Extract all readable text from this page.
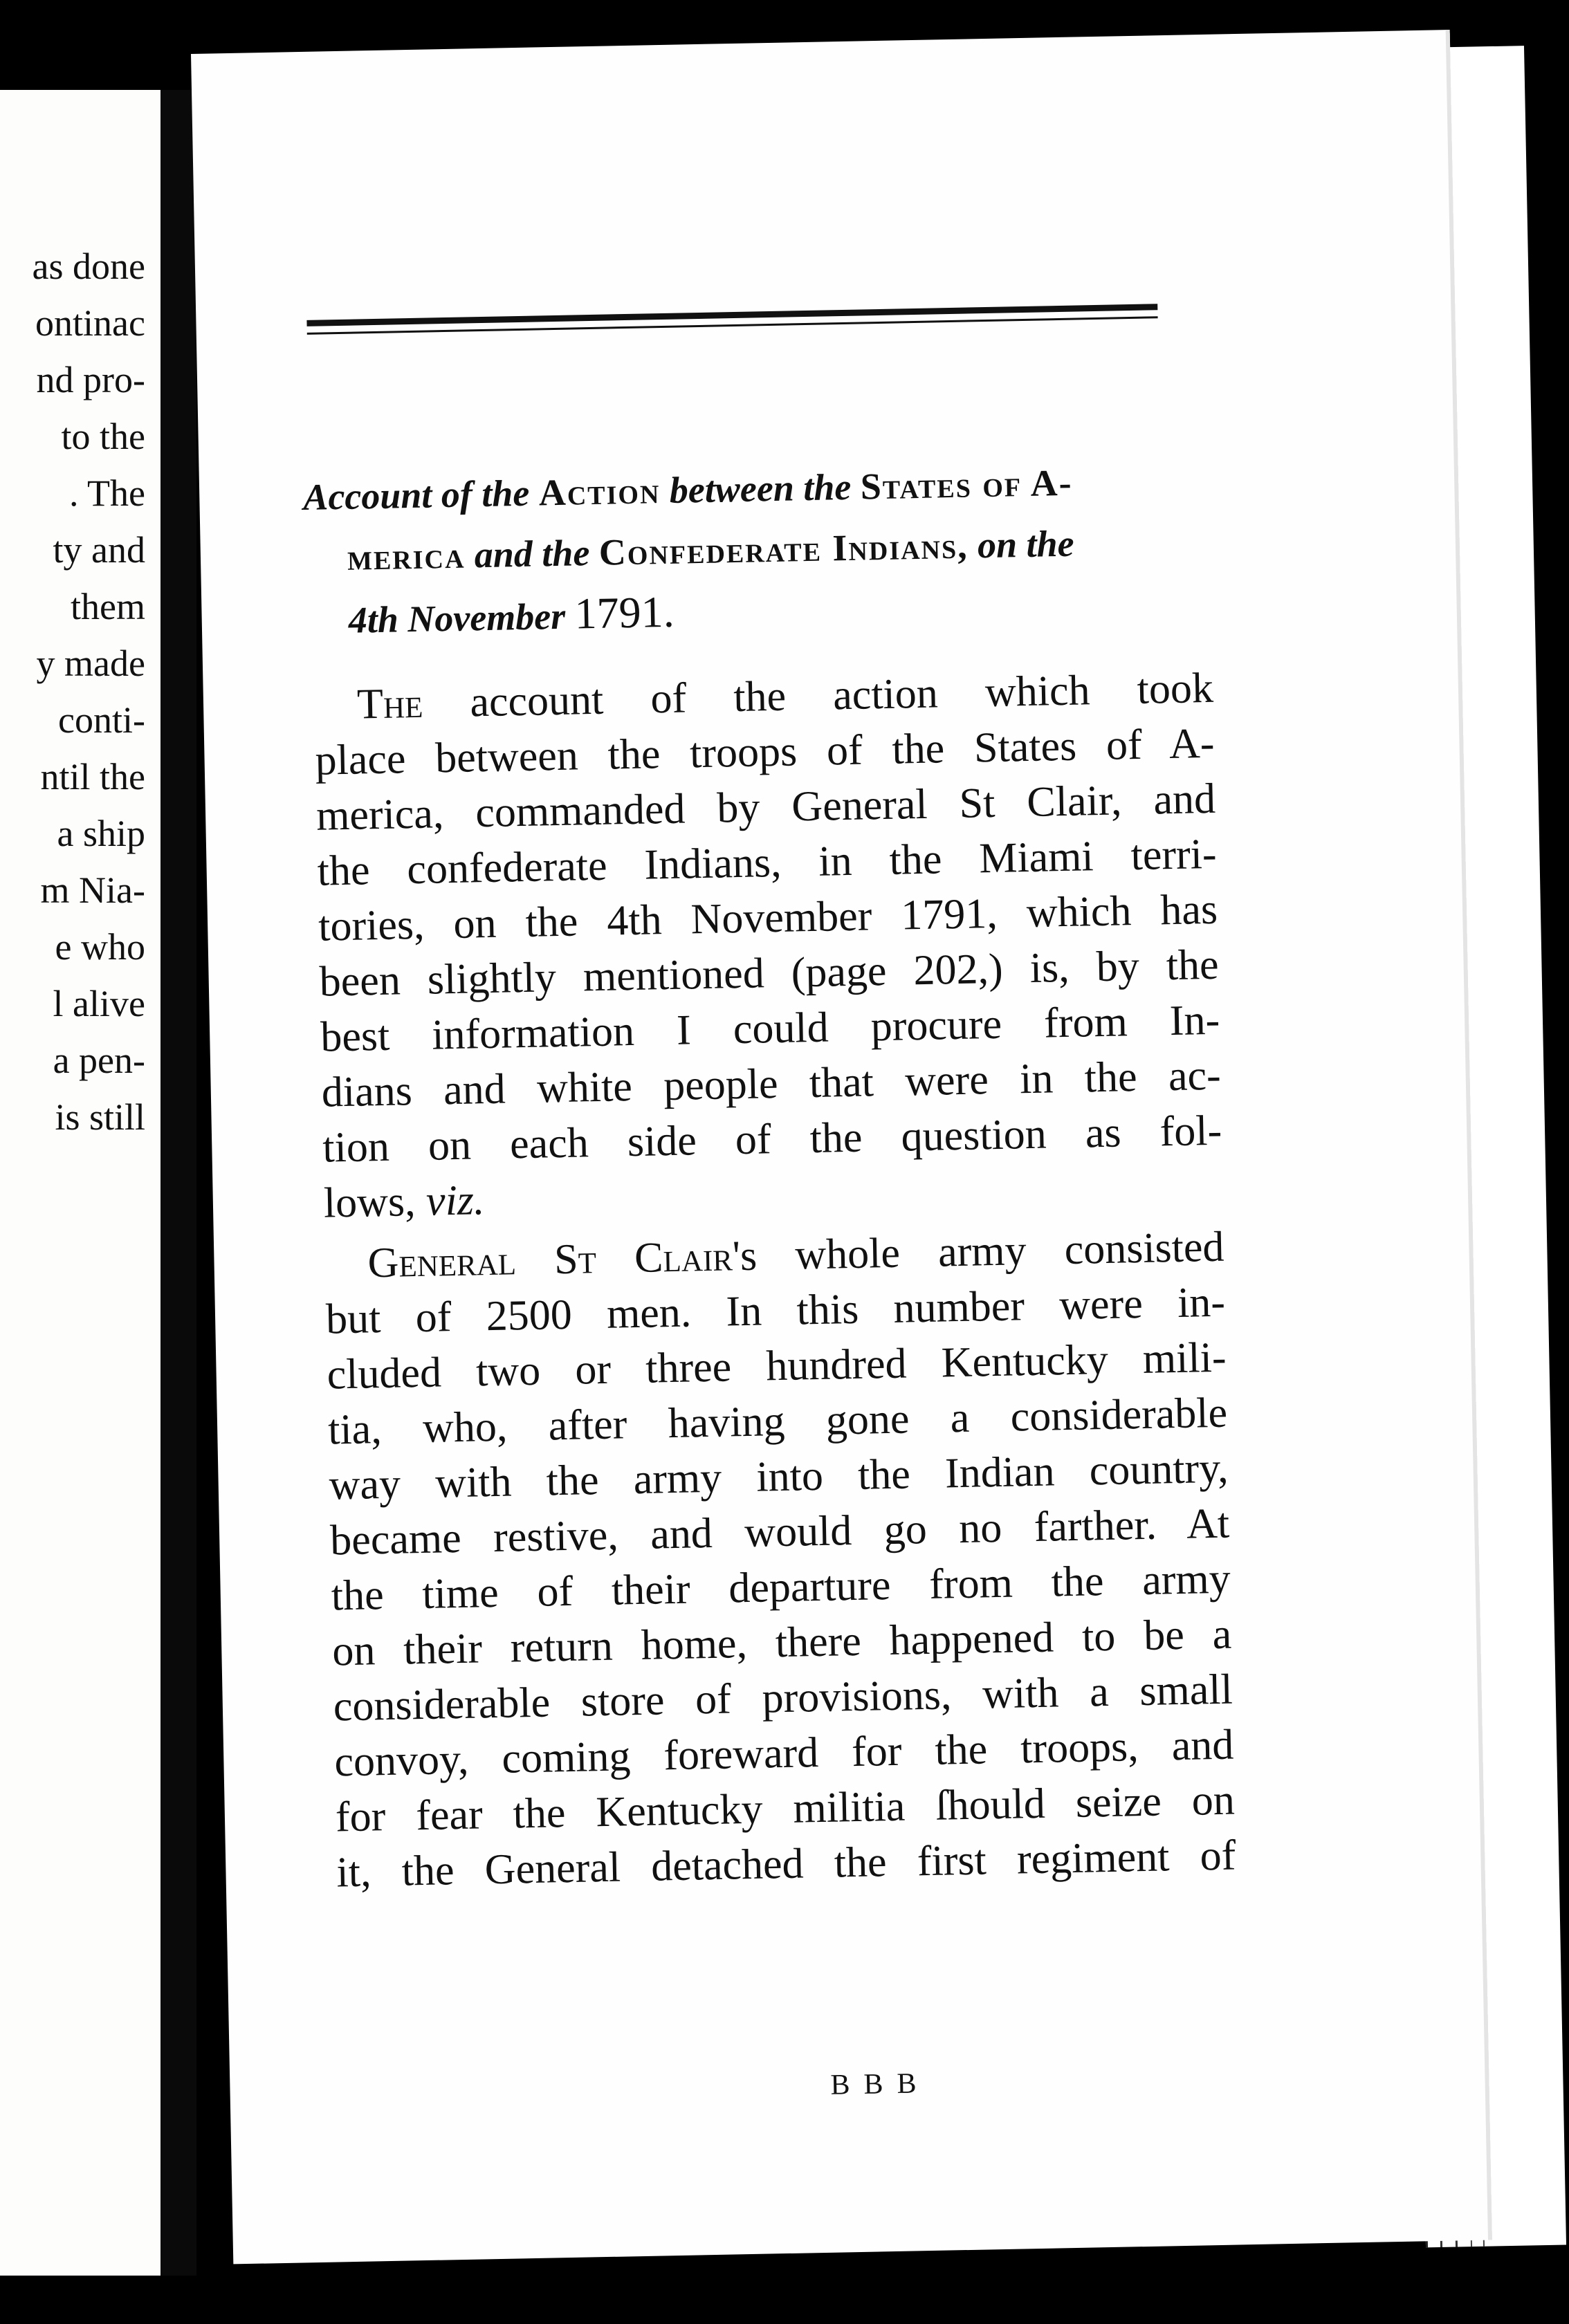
as done
ontinac
nd pro-
to the
. The
ty and
them
y made
conti-
ntil the
a ship
m Nia-
e who
l alive
a pen-
is still
Account of the Action between the States of A-
merica and the Confederate Indians, on the
4th November 1791.

The account of the action which took
place between the troops of the States of A-
merica, commanded by General St Clair, and
the confederate Indians, in the Miami terri-
tories, on the 4th November 1791, which has
been slightly mentioned (page 202,) is, by the
best information I could procure from In-
dians and white people that were in the ac-
tion on each side of the question as fol-
lows, viz.

General St Clair's whole army consisted
but of 2500 men. In this number were in-
cluded two or three hundred Kentucky mili-
tia, who, after having gone a considerable
way with the army into the Indian country,
became restive, and would go no farther. At
the time of their departure from the army
on their return home, there happened to be a
considerable store of provisions, with a small
convoy, coming foreward for the troops, and
for fear the Kentucky militia ſhould seize on
it, the General detached the first regiment of

BBB
